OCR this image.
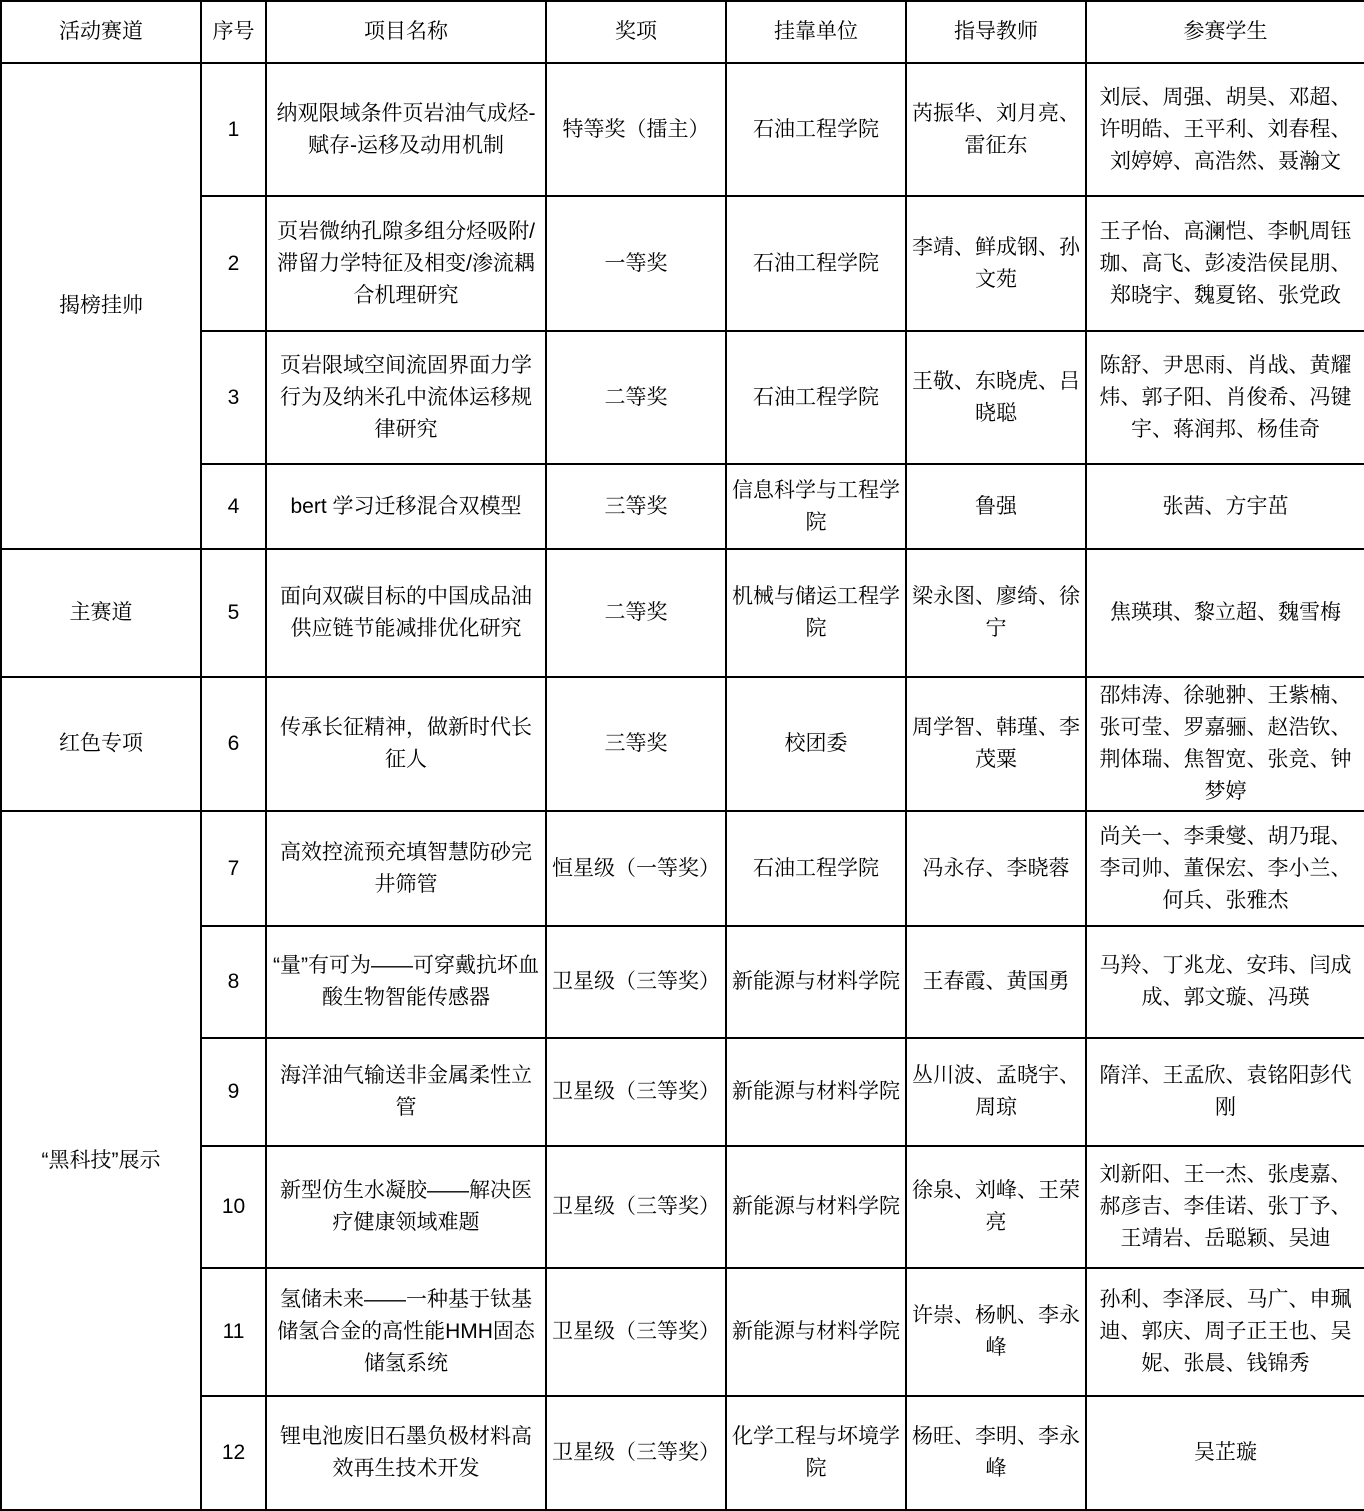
活动赛道	序号	项目名称	奖项	挂靠单位	指导教师	参赛学生
揭榜挂帅	1	纳观限域条件页岩油气成烃-赋存-运移及动用机制	特等奖（擂主）	石油工程学院	芮振华、刘月亮、雷征东	刘辰、周强、胡昊、邓超、许明皓、王平利、刘春程、刘婷婷、高浩然、聂瀚文
	2	页岩微纳孔隙多组分烃吸附/滞留力学特征及相变/渗流耦合机理研究	一等奖	石油工程学院	李靖、鲜成钢、孙文苑	王子怡、高澜恺、李帆周钰珈、高飞、彭凌浩侯昆朋、郑晓宇、魏夏铭、张党政
	3	页岩限域空间流固界面力学行为及纳米孔中流体运移规律研究	二等奖	石油工程学院	王敬、东晓虎、吕晓聪	陈舒、尹思雨、肖战、黄耀炜、郭子阳、肖俊希、冯键宇、蒋润邦、杨佳奇
	4	bert 学习迁移混合双模型	三等奖	信息科学与工程学院	鲁强	张茜、方宇茁
主赛道	5	面向双碳目标的中国成品油供应链节能减排优化研究	二等奖	机械与储运工程学院	梁永图、廖绮、徐宁	焦瑛琪、黎立超、魏雪梅
红色专项	6	传承长征精神，做新时代长征人	三等奖	校团委	周学智、韩瑾、李茂粟	邵炜涛、徐驰翀、王紫楠、张可莹、罗嘉骊、赵浩钦、荆体瑞、焦智宽、张竞、钟梦婷
“黑科技”展示	7	高效控流预充填智慧防砂完井筛管	恒星级（一等奖）	石油工程学院	冯永存、李晓蓉	尚关一、李秉燮、胡乃琨、李司帅、董保宏、李小兰、何兵、张雅杰
	8	“量”有可为——可穿戴抗坏血酸生物智能传感器	卫星级（三等奖）	新能源与材料学院	王春霞、黄国勇	马羚、丁兆龙、安玮、闫成成、郭文璇、冯瑛
	9	海洋油气输送非金属柔性立管	卫星级（三等奖）	新能源与材料学院	丛川波、孟晓宇、周琼	隋洋、王孟欣、袁铭阳彭代刚
	10	新型仿生水凝胶——解决医疗健康领域难题	卫星级（三等奖）	新能源与材料学院	徐泉、刘峰、王荣亮	刘新阳、王一杰、张虔嘉、郝彦吉、李佳诺、张丁予、王靖岩、岳聪颖、吴迪
	11	氢储未来——一种基于钛基储氢合金的高性能HMH固态储氢系统	卫星级（三等奖）	新能源与材料学院	许崇、杨帆、李永峰	孙利、李泽辰、马广、申珮迪、郭庆、周子正王也、吴妮、张晨、钱锦秀
	12	锂电池废旧石墨负极材料高效再生技术开发	卫星级（三等奖）	化学工程与坏境学院	杨旺、李明、李永峰	吴芷璇
